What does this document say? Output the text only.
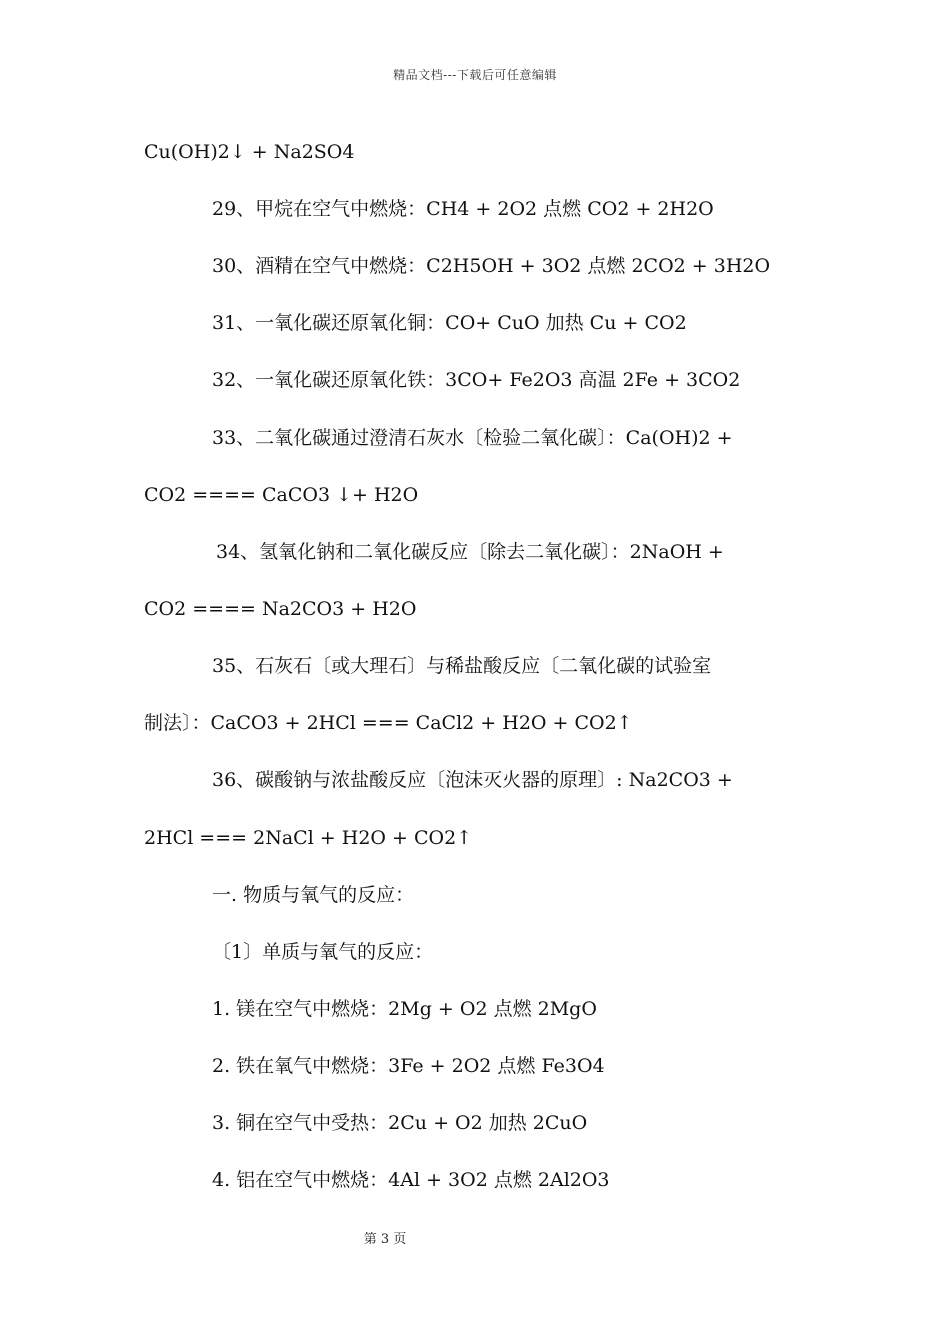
精品文档---下载后可任意编辑
Cu(OH)2↓ + Na2SO4
29、甲烷在空气中燃烧：CH4 + 2O2 点燃 CO2 + 2H2O
30、酒精在空气中燃烧：C2H5OH + 3O2 点燃 2CO2 + 3H2O
31、一氧化碳还原氧化铜：CO+ CuO 加热 Cu + CO2
32、一氧化碳还原氧化铁：3CO+ Fe2O3 高温 2Fe + 3CO2
33、二氧化碳通过澄清石灰水〔检验二氧化碳〕：Ca(OH)2 +
CO2 ==== CaCO3 ↓+ H2O
34、氢氧化钠和二氧化碳反应〔除去二氧化碳〕：2NaOH +
CO2 ==== Na2CO3 + H2O
35、石灰石〔或大理石〕与稀盐酸反应〔二氧化碳的试验室
制法〕：CaCO3 + 2HCl === CaCl2 + H2O + CO2↑
36、碳酸钠与浓盐酸反应〔泡沫灭火器的原理〕: Na2CO3 +
2HCl === 2NaCl + H2O + CO2↑
一. 物质与氧气的反应：
〔1〕单质与氧气的反应：
1. 镁在空气中燃烧：2Mg + O2 点燃 2MgO
2. 铁在氧气中燃烧：3Fe + 2O2 点燃 Fe3O4
3. 铜在空气中受热：2Cu + O2 加热 2CuO
4. 铝在空气中燃烧：4Al + 3O2 点燃 2Al2O3
第 3 页
